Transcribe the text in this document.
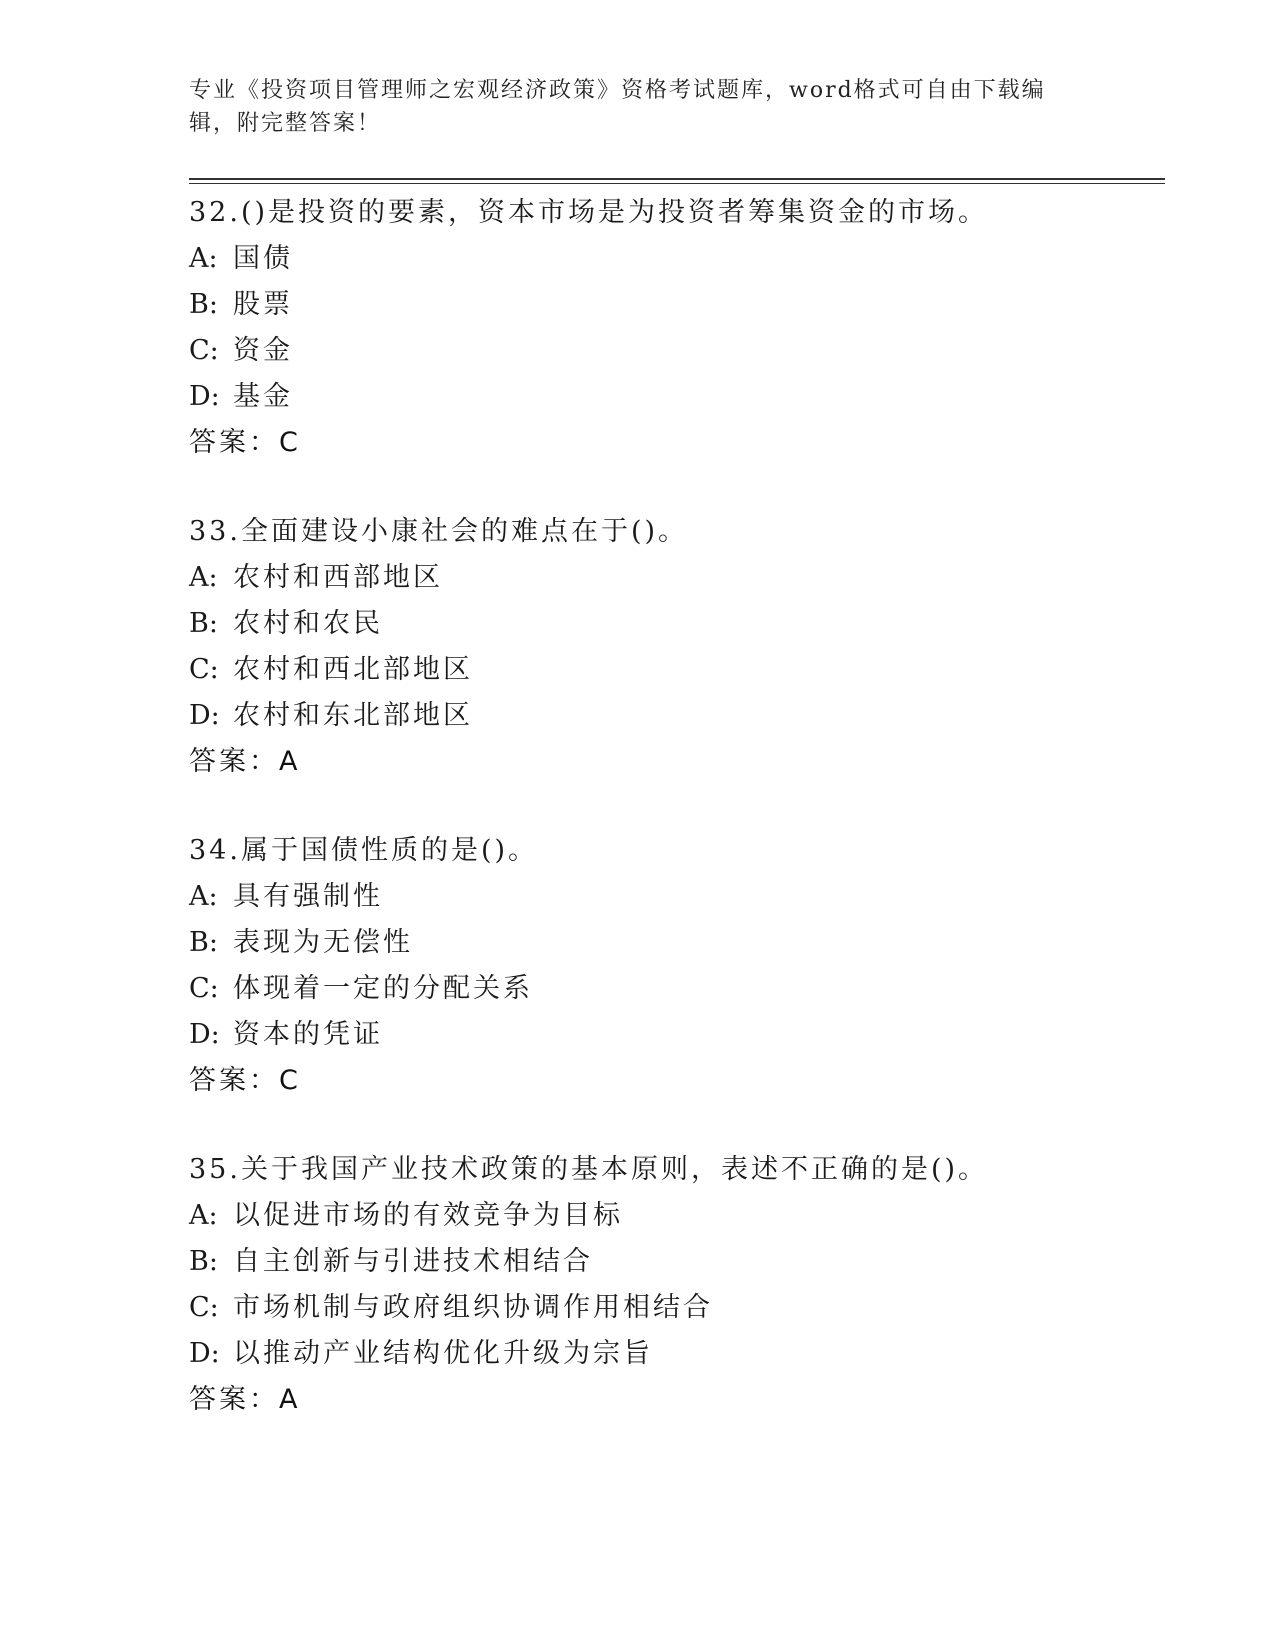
专业《投资项目管理师之宏观经济政策》资格考试题库，word格式可自由下载编辑，附完整答案！
32.()是投资的要素，资本市场是为投资者筹集资金的市场。
A: 国债
B: 股票
C: 资金
D: 基金
答案：C
33.全面建设小康社会的难点在于()。
A: 农村和西部地区
B: 农村和农民
C: 农村和西北部地区
D: 农村和东北部地区
答案：A
34.属于国债性质的是()。
A: 具有强制性
B: 表现为无偿性
C: 体现着一定的分配关系
D: 资本的凭证
答案：C
35.关于我国产业技术政策的基本原则，表述不正确的是()。
A: 以促进市场的有效竞争为目标
B: 自主创新与引进技术相结合
C: 市场机制与政府组织协调作用相结合
D: 以推动产业结构优化升级为宗旨
答案：A
